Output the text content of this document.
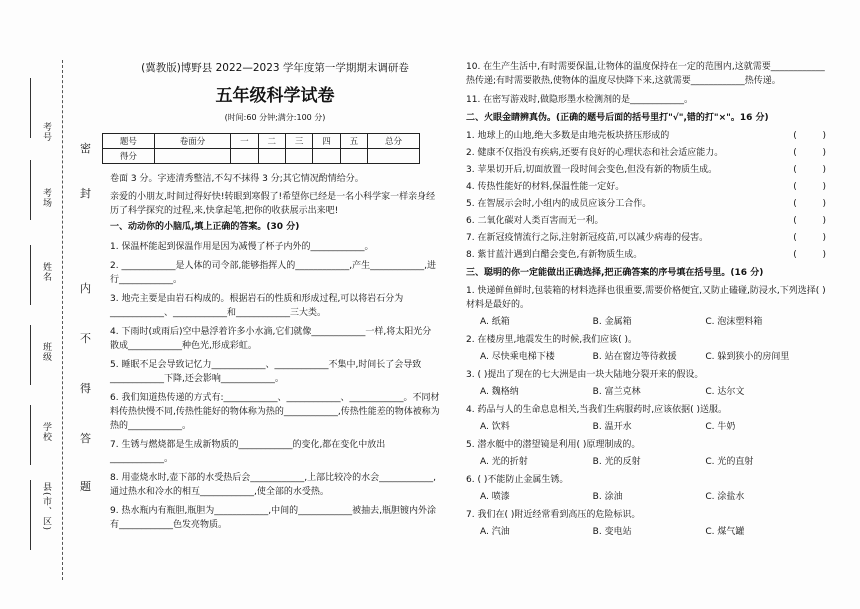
考号
考场
姓名
班级
学校
县(市、区)
密
封
内
不
得
答
题
(冀教版)博野县 2022—2023 学年度第一学期期末调研卷
五年级科学试卷
(时间:60 分钟;满分:100 分)
题号	卷面分	一	二	三	四	五	总分
得分							
卷面 3 分。字迹清秀整洁,不勾不抹得 3 分;其它情况酌情给分。
亲爱的小朋友,时间过得好快!转眼到寒假了!希望你已经是一名小科学家一样亲身经历了科学探究的过程,来,快拿起笔,把你的收获展示出来吧!
一、动动你的小脑瓜,填上正确的答案。(30 分)
1. 保温杯能起到保温作用是因为减慢了杯子内外的____________。
2. ____________是人体的司令部,能够指挥人的____________,产生____________,进行____________。
3. 地壳主要是由岩石构成的。根据岩石的性质和形成过程,可以将岩石分为____________、____________和____________三大类。
4. 下雨时(或雨后)空中悬浮着许多小水滴,它们就像____________一样,将太阳光分散成____________种色光,形成彩虹。
5. 睡眠不足会导致记忆力____________、____________不集中,时间长了会导致____________下降,还会影响____________。
6. 我们知道热传递的方式有:____________、____________、____________。不同材料传热快慢不同,传热性能好的物体称为热的____________,传热性能差的物体被称为热的____________。
7. 生锈与燃烧都是生成新物质的____________的变化,都在变化中放出____________。
8. 用壶烧水时,壶下部的水受热后会____________,上部比较冷的水会____________,通过热水和冷水的相互____________,使全部的水受热。
9. 热水瓶内有瓶胆,瓶胆为____________,中间的____________被抽去,瓶胆镀内外涂有____________色发亮物质。
10. 在生产生活中,有时需要保温,让物体的温度保持在一定的范围内,这就需要____________热传递;有时需要散热,使物体的温度尽快降下来,这就需要____________热传递。
11. 在密写游戏时,做隐形墨水检测剂的是____________。
二、火眼金睛辨真伪。(正确的题号后面的括号里打"√",错的打"×"。16 分)
1. 地球上的山地,绝大多数是由地壳板块挤压形成的	(         )
2. 健康不仅指没有疾病,还要有良好的心理状态和社会适应能力。	(         )
3. 苹果切开后,切面放置一段时间会变色,但没有新的物质生成。	(         )
4. 传热性能好的材料,保温性能一定好。	(         )
5. 在智展示会时,小组内的成员应该分工合作。	(         )
6. 二氧化碳对人类百害而无一利。	(         )
7. 在新冠疫情流行之际,注射新冠疫苗,可以减少病毒的侵害。	(         )
8. 紫甘蓝汁遇到白醋会变色,有新物质生成。	(         )
三、聪明的你一定能做出正确选择,把正确答案的序号填在括号里。(16 分)
1. 快递鲜鱼鲜时,包装箱的材料选择也很重要,需要价格便宜,又防止磕碰,防浸水,下列选择( )材料是最好的。
A. 纸箱	B. 金属箱	C. 泡沫塑料箱
2. 在楼房里,地震发生的时候,我们应该( )。
A. 尽快乘电梯下楼	B. 站在窗边等待救援	C. 躲到狭小的房间里
3. ( )提出了现在的七大洲是由一块大陆地分裂开来的假设。
A. 魏格纳	B. 富兰克林	C. 达尔文
4. 药品与人的生命息息相关,当我们生病服药时,应该依据( )送服。
A. 饮料	B. 温开水	C. 牛奶
5. 潜水艇中的潜望镜是利用( )原理制成的。
A. 光的折射	B. 光的反射	C. 光的直射
6. ( )不能防止金属生锈。
A. 喷漆	B. 涂油	C. 涂盐水
7. 我们在( )附近经常看到高压的危险标识。
A. 汽油	B. 变电站	C. 煤气罐
